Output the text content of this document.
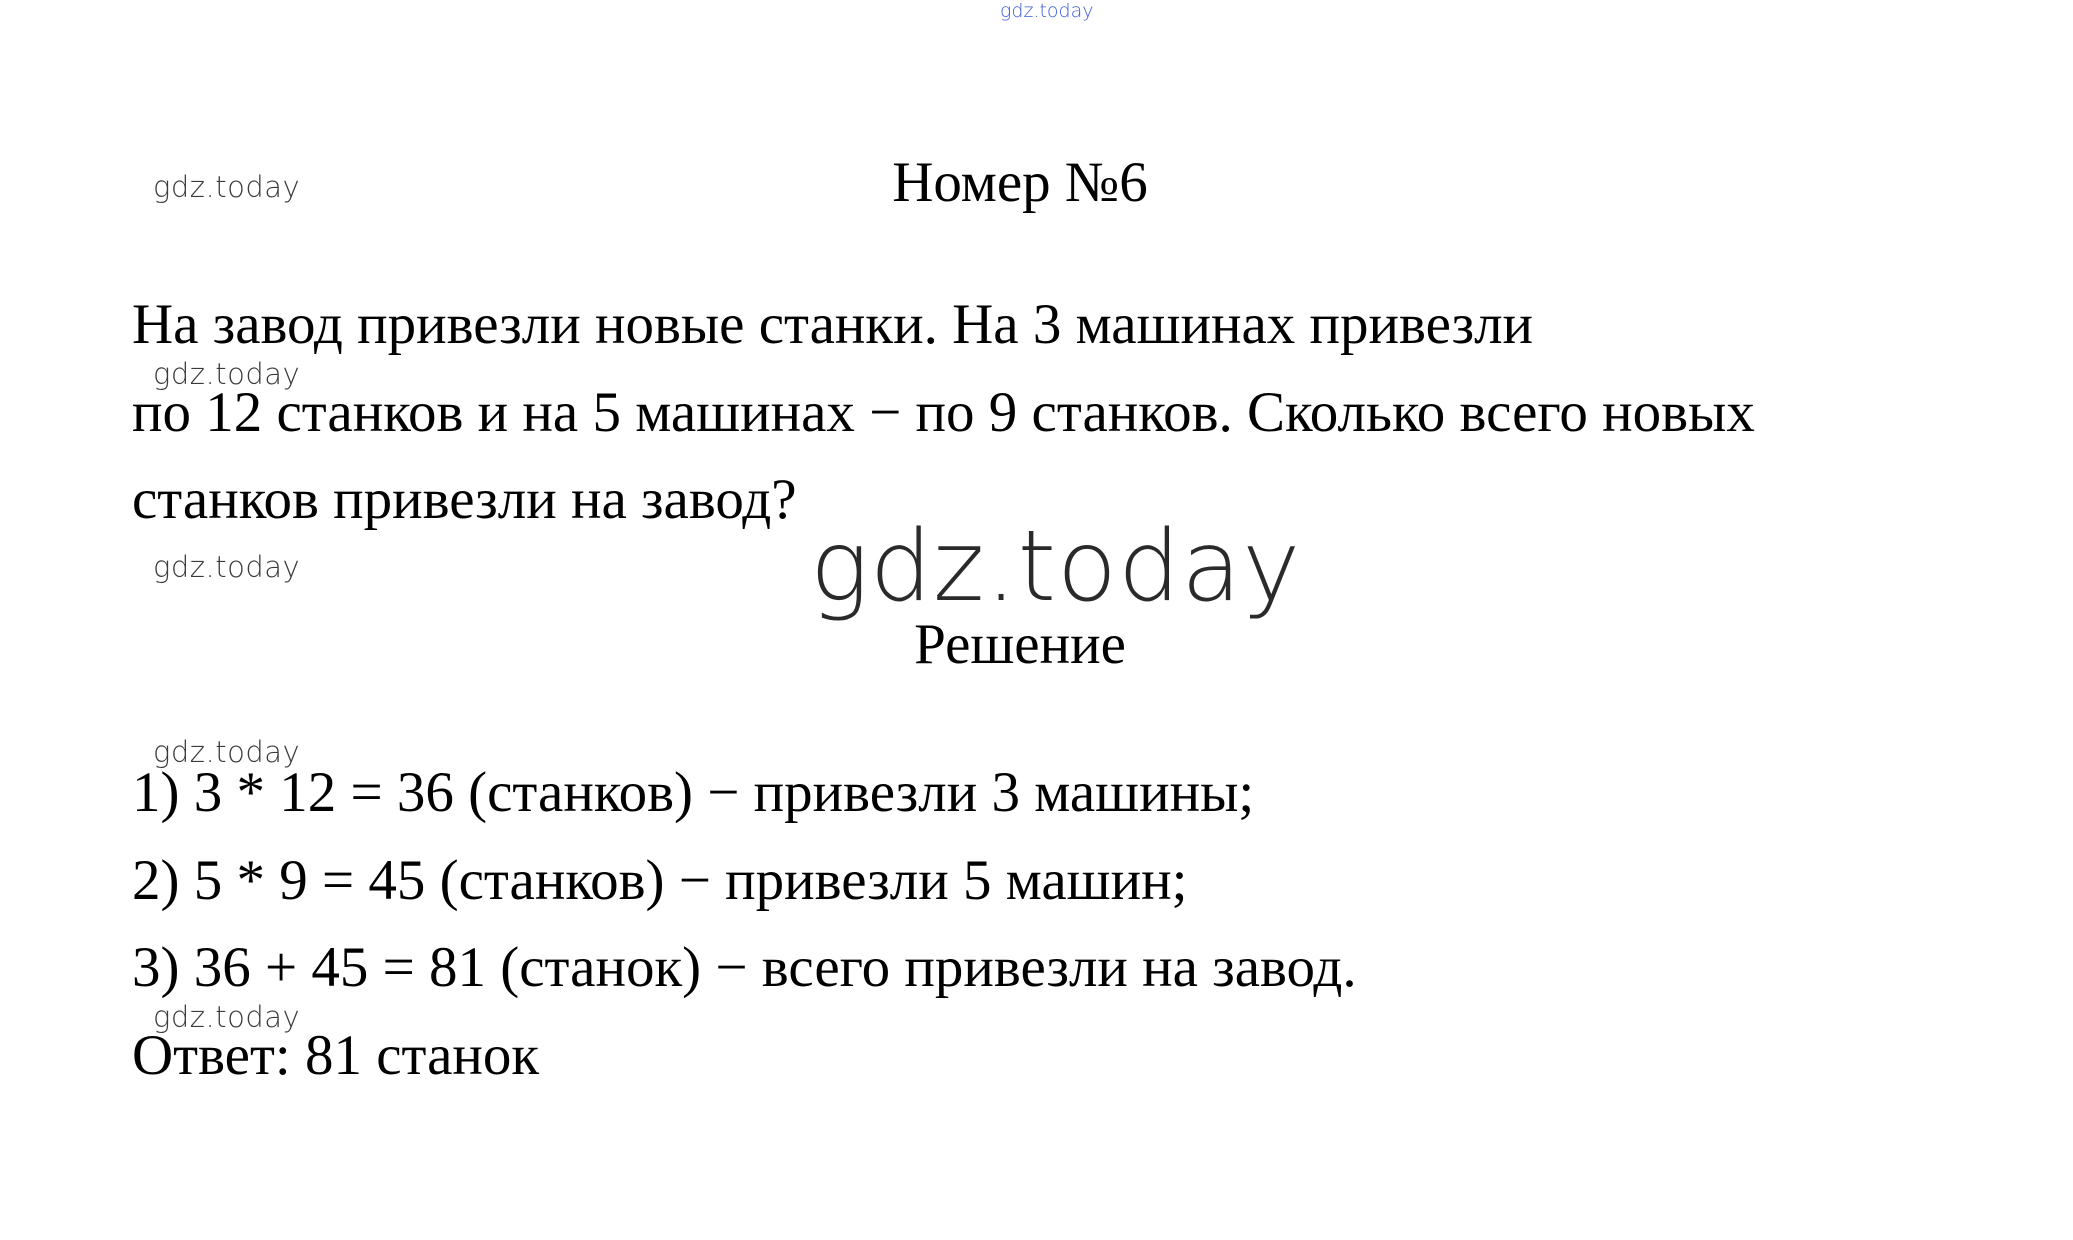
gdz.today
gdz.today
gdz.today
gdz.today
gdz.today
gdz.today
gdz.today
Номер №6
На завод привезли новые станки. На 3 машинах привезли
по 12 станков и на 5 машинах − по 9 станков. Сколько всего новых
станков привезли на завод?
Решение
1) 3 * 12 = 36 (станков) − привезли 3 машины;
2) 5 * 9 = 45 (станков) − привезли 5 машин;
3) 36 + 45 = 81 (станок) − всего привезли на завод.
Ответ: 81 станок
